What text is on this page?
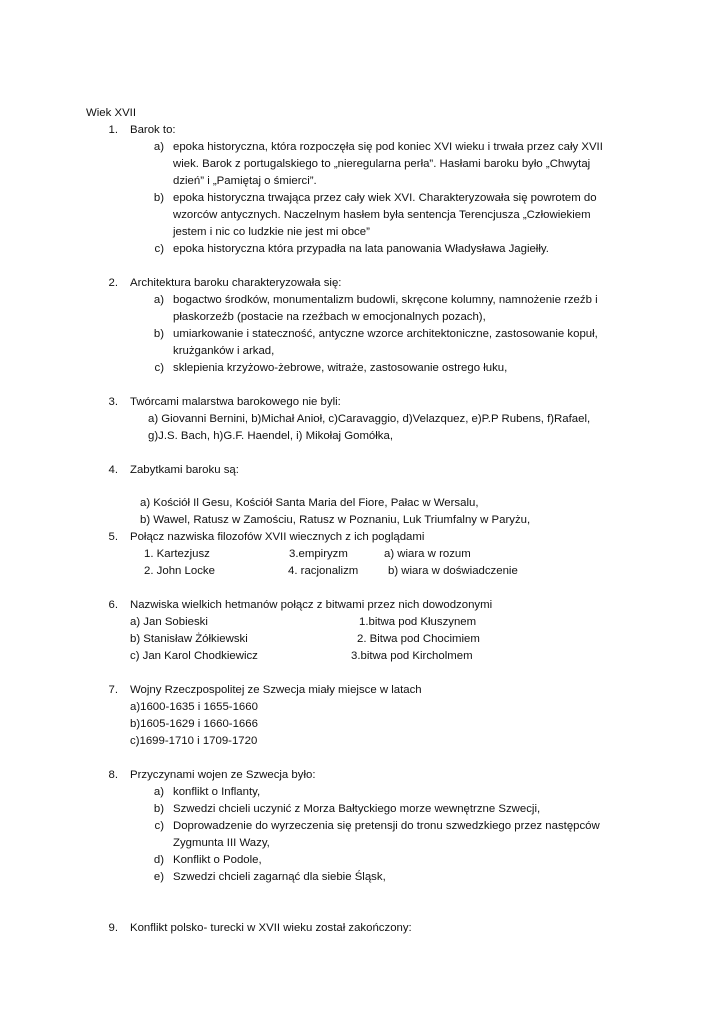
Wiek XVII
1. Barok to:
a) epoka historyczna, która rozpoczęła się pod koniec XVI wieku i trwała przez cały XVII
wiek. Barok z portugalskiego to „nieregularna perła”. Hasłami baroku było „Chwytaj
dzień” i „Pamiętaj o śmierci”.
b) epoka historyczna trwająca przez cały wiek XVI. Charakteryzowała się powrotem do
wzorców antycznych. Naczelnym hasłem była sentencja Terencjusza „Człowiekiem
jestem i nic co ludzkie nie jest mi obce”
c) epoka historyczna która przypadła na lata panowania Władysława Jagiełły.
2. Architektura baroku charakteryzowała się:
a) bogactwo środków, monumentalizm budowli, skręcone kolumny, namnożenie rzeźb i
płaskorzeźb (postacie na rzeźbach w emocjonalnych pozach),
b) umiarkowanie i stateczność, antyczne wzorce architektoniczne, zastosowanie kopuł,
krużganków i arkad,
c) sklepienia krzyżowo-żebrowe, witraże, zastosowanie ostrego łuku,
3. Twórcami malarstwa barokowego nie byli:
a) Giovanni Bernini, b)Michał Anioł, c)Caravaggio, d)Velazquez, e)P.P Rubens, f)Rafael,
g)J.S. Bach, h)G.F. Haendel, i) Mikołaj Gomółka,
4. Zabytkami baroku są:
a) Kościół Il Gesu, Kościół Santa Maria del Fiore, Pałac w Wersalu,
b) Wawel, Ratusz w Zamościu, Ratusz w Poznaniu, Luk Triumfalny w Paryżu,
5. Połącz nazwiska filozofów XVII wiecznych z ich poglądami
1. Kartezjusz	3.empiryzm	a) wiara w rozum
2. John Locke	4. racjonalizm	b) wiara w doświadczenie
6. Nazwiska wielkich hetmanów połącz z bitwami przez nich dowodzonymi
a) Jan Sobieski	1.bitwa pod Kłuszynem
b) Stanisław Żółkiewski	2. Bitwa pod Chocimiem
c) Jan Karol Chodkiewicz	3.bitwa pod Kircholmem
7. Wojny Rzeczpospolitej ze Szwecja miały miejsce w latach
a)1600-1635 i 1655-1660
b)1605-1629 i 1660-1666
c)1699-1710 i 1709-1720
8. Przyczynami wojen ze Szwecja było:
a) konflikt o Inflanty,
b) Szwedzi chcieli uczynić z Morza Bałtyckiego morze wewnętrzne Szwecji,
c) Doprowadzenie do wyrzeczenia się pretensji do tronu szwedzkiego przez następców
Zygmunta III Wazy,
d) Konflikt o Podole,
e) Szwedzi chcieli zagarnąć dla siebie Śląsk,
9. Konflikt polsko- turecki w XVII wieku został zakończony:
